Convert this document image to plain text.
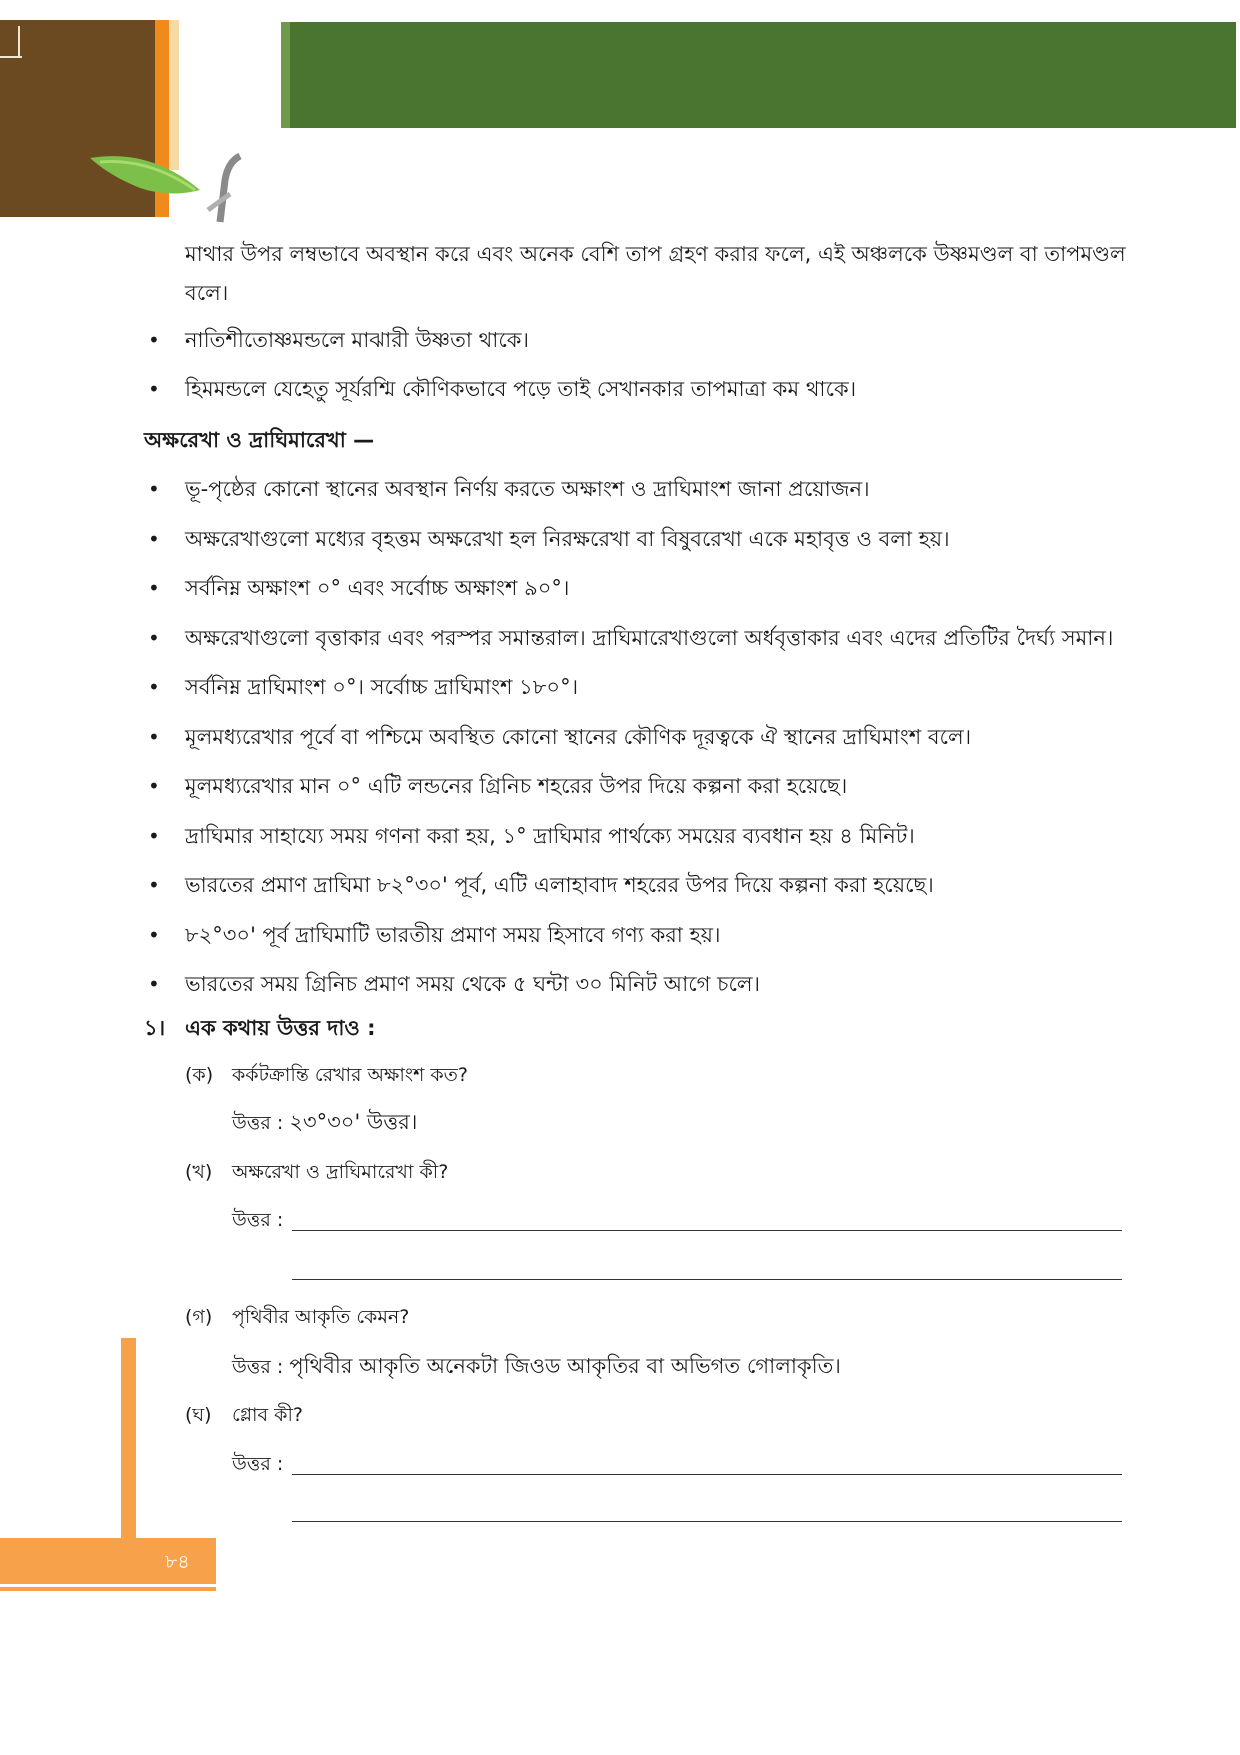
মাথার উপর লম্বভাবে অবস্থান করে এবং অনেক বেশি তাপ গ্রহণ করার ফলে, এই অঞ্চলকে উষ্ণমণ্ডল বা তাপমণ্ডল বলে।
• নাতিশীতোষ্ণমন্ডলে মাঝারী উষ্ণতা থাকে।
• হিমমন্ডলে যেহেতু সূর্যরশ্মি কৌণিকভাবে পড়ে তাই সেখানকার তাপমাত্রা কম থাকে।
অক্ষরেখা ও দ্রাঘিমারেখা —
• ভূ-পৃষ্ঠের কোনো স্থানের অবস্থান নির্ণয় করতে অক্ষাংশ ও দ্রাঘিমাংশ জানা প্রয়োজন।
• অক্ষরেখাগুলো মধ্যের বৃহত্তম অক্ষরেখা হল নিরক্ষরেখা বা বিষুবরেখা একে মহাবৃত্ত ও বলা হয়।
• সর্বনিম্ন অক্ষাংশ ০° এবং সর্বোচ্চ অক্ষাংশ ৯০°।
• অক্ষরেখাগুলো বৃত্তাকার এবং পরস্পর সমান্তরাল। দ্রাঘিমারেখাগুলো অর্ধবৃত্তাকার এবং এদের প্রতিটির দৈর্ঘ্য সমান।
• সর্বনিম্ন দ্রাঘিমাংশ ০°। সর্বোচ্চ দ্রাঘিমাংশ ১৮০°।
• মূলমধ্যরেখার পূর্বে বা পশ্চিমে অবস্থিত কোনো স্থানের কৌণিক দূরত্বকে ঐ স্থানের দ্রাঘিমাংশ বলে।
• মূলমধ্যরেখার মান ০° এটি লন্ডনের গ্রিনিচ শহরের উপর দিয়ে কল্পনা করা হয়েছে।
• দ্রাঘিমার সাহায্যে সময় গণনা করা হয়, ১° দ্রাঘিমার পার্থক্যে সময়ের ব্যবধান হয় ৪ মিনিট।
• ভারতের প্রমাণ দ্রাঘিমা ৮২°৩০' পূর্ব, এটি এলাহাবাদ শহরের উপর দিয়ে কল্পনা করা হয়েছে।
• ৮২°৩০' পূর্ব দ্রাঘিমাটি ভারতীয় প্রমাণ সময় হিসাবে গণ্য করা হয়।
• ভারতের সময় গ্রিনিচ প্রমাণ সময় থেকে ৫ ঘন্টা ৩০ মিনিট আগে চলে।
১। এক কথায় উত্তর দাও :
(ক) কর্কটক্রান্তি রেখার অক্ষাংশ কত?
উত্তর : ২৩°৩০' উত্তর।
(খ) অক্ষরেখা ও দ্রাঘিমারেখা কী?
উত্তর :
(গ) পৃথিবীর আকৃতি কেমন?
উত্তর : পৃথিবীর আকৃতি অনেকটা জিওড আকৃতির বা অভিগত গোলাকৃতি।
(ঘ) গ্লোব কী?
উত্তর :
৮৪
